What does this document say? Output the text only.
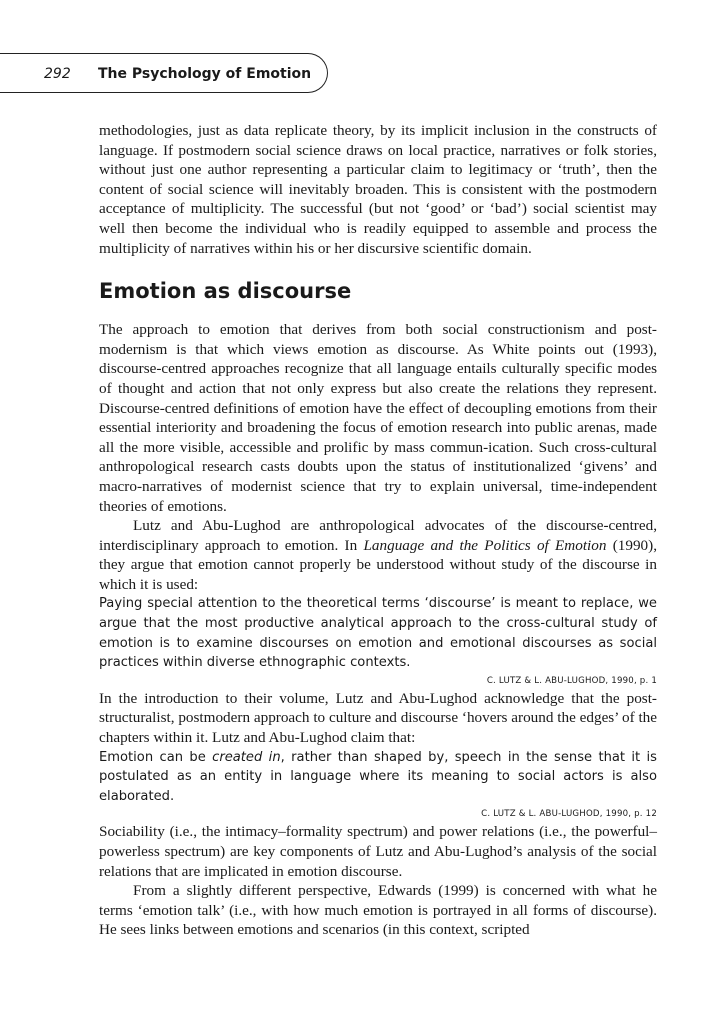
292 The Psychology of Emotion

methodologies, just as data replicate theory, by its implicit inclusion in the constructs of language. If postmodern social science draws on local practice, narratives or folk stories, without just one author representing a particular claim to legitimacy or ‘truth’, then the content of social science will inevitably broaden. This is consistent with the postmodern acceptance of multiplicity. The successful (but not ‘good’ or ‘bad’) social scientist may well then become the individual who is readily equipped to assemble and process the multiplicity of narratives within his or her discursive scientific domain.

Emotion as discourse

The approach to emotion that derives from both social constructionism and post-modernism is that which views emotion as discourse. As White points out (1993), discourse-centred approaches recognize that all language entails culturally specific modes of thought and action that not only express but also create the relations they represent. Discourse-centred definitions of emotion have the effect of decoupling emotions from their essential interiority and broadening the focus of emotion research into public arenas, made all the more visible, accessible and prolific by mass commun-ication. Such cross-cultural anthropological research casts doubts upon the status of institutionalized ‘givens’ and macro-narratives of modernist science that try to explain universal, time-independent theories of emotions.

Lutz and Abu-Lughod are anthropological advocates of the discourse-centred, interdisciplinary approach to emotion. In Language and the Politics of Emotion (1990), they argue that emotion cannot properly be understood without study of the discourse in which it is used:

Paying special attention to the theoretical terms ‘discourse’ is meant to replace, we argue that the most productive analytical approach to the cross-cultural study of emotion is to examine discourses on emotion and emotional discourses as social practices within diverse ethnographic contexts.

C. LUTZ & L. ABU-LUGHOD, 1990, p. 1

In the introduction to their volume, Lutz and Abu-Lughod acknowledge that the post-structuralist, postmodern approach to culture and discourse ‘hovers around the edges’ of the chapters within it. Lutz and Abu-Lughod claim that:

Emotion can be created in, rather than shaped by, speech in the sense that it is postulated as an entity in language where its meaning to social actors is also elaborated.

C. LUTZ & L. ABU-LUGHOD, 1990, p. 12

Sociability (i.e., the intimacy–formality spectrum) and power relations (i.e., the powerful–powerless spectrum) are key components of Lutz and Abu-Lughod’s analysis of the social relations that are implicated in emotion discourse.

From a slightly different perspective, Edwards (1999) is concerned with what he terms ‘emotion talk’ (i.e., with how much emotion is portrayed in all forms of discourse). He sees links between emotions and scenarios (in this context, scripted
